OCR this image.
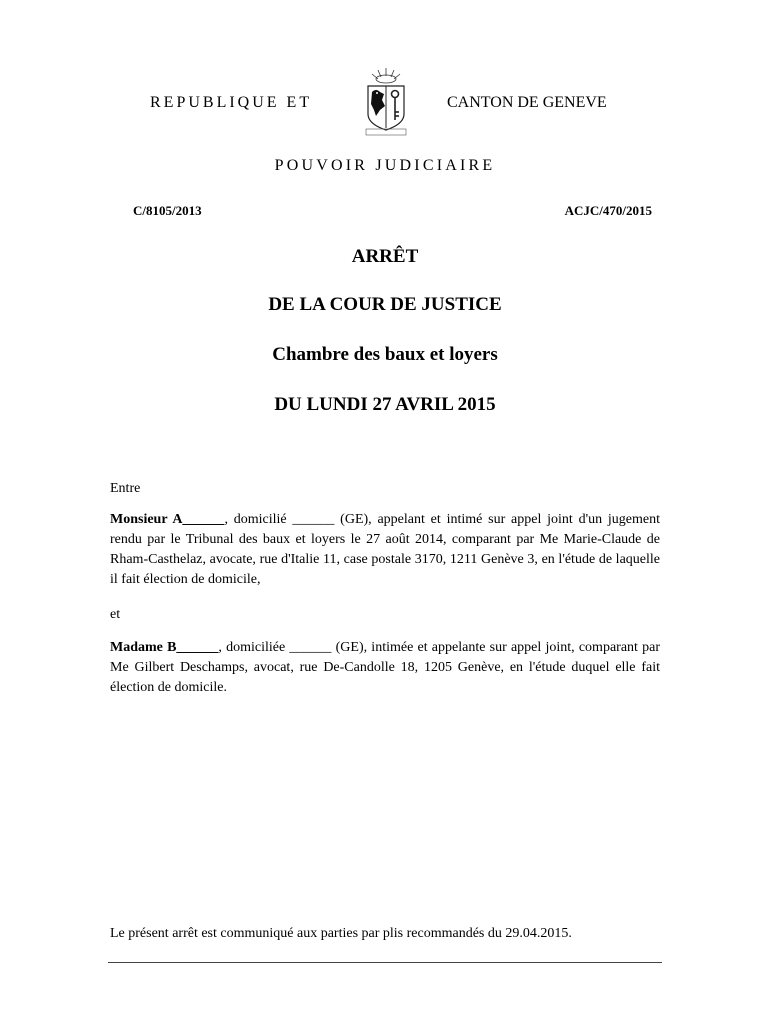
REPUBLIQUE ET	CANTON DE GENEVE
POUVOIR JUDICIAIRE
C/8105/2013	ACJC/470/2015
ARRÊT
DE LA COUR DE JUSTICE
Chambre des baux et loyers
DU LUNDI 27 AVRIL 2015
Entre
Monsieur A______, domicilié ______ (GE), appelant et intimé sur appel joint d'un jugement rendu par le Tribunal des baux et loyers le 27 août 2014, comparant par Me Marie-Claude de Rham-Casthelaz, avocate, rue d'Italie 11, case postale 3170, 1211 Genève 3, en l'étude de laquelle il fait élection de domicile,
et
Madame B______, domiciliée ______ (GE), intimée et appelante sur appel joint, comparant par Me Gilbert Deschamps, avocat, rue De-Candolle 18, 1205 Genève, en l'étude duquel elle fait élection de domicile.
Le présent arrêt est communiqué aux parties par plis recommandés du 29.04.2015.
